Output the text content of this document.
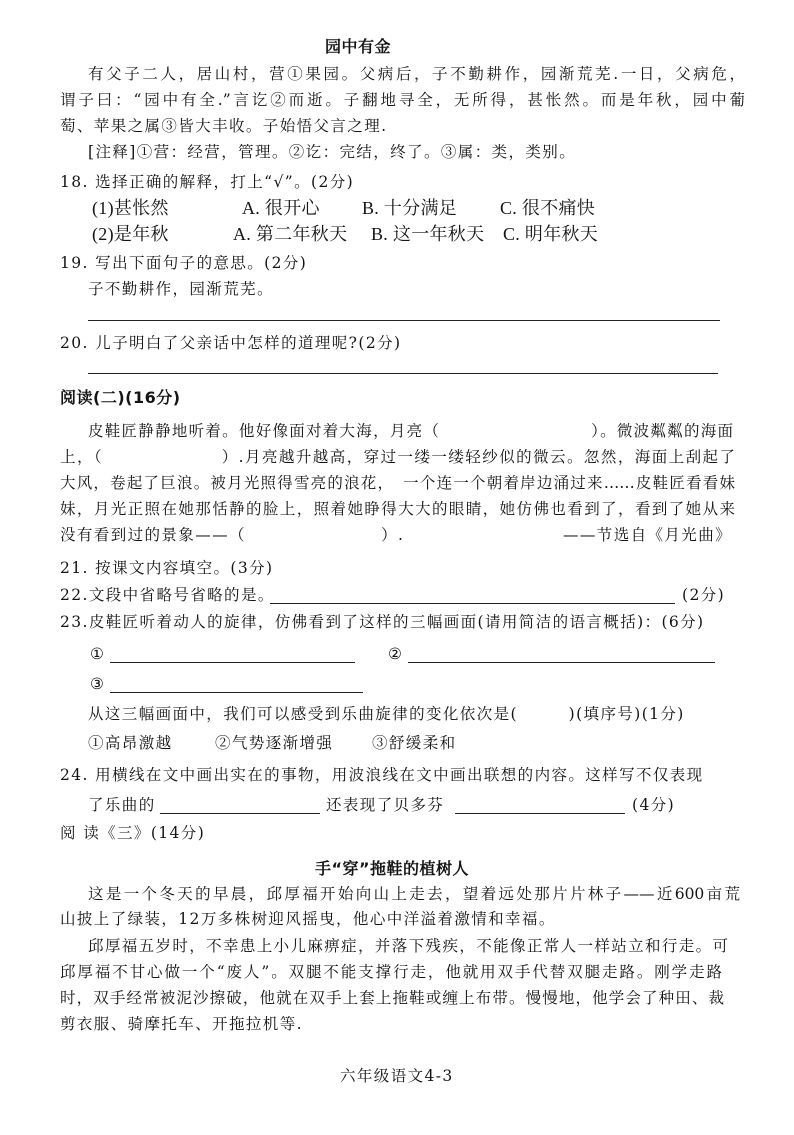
园中有金
有父子二人，居山村，营①果园。父病后，子不勤耕作，园渐荒芜.一日，父病危，
谓子曰：“园中有全.”言讫②而逝。子翻地寻全，无所得，甚怅然。而是年秋，园中葡
萄、苹果之属③皆大丰收。子始悟父言之理.
[注释]①营：经营，管理。②讫：完结，终了。③属：类，类别。
18. 选择正确的解释，打上“√”。(2分)
(1)甚怅然	A. 很开心 B. 十分满足 C. 很不痛快
(2)是年秋	A. 第二年秋天 B. 这一年秋天 C. 明年秋天
19. 写出下面句子的意思。(2分)
子不勤耕作，园渐荒芜。
20. 儿子明白了父亲话中怎样的道理呢?(2分)
阅读(二)(16分)
皮鞋匠静静地听着。他好像面对着大海，月亮（　　　　　　　　　）。微波粼粼的海面
上，（　　　　　　　）.月亮越升越高，穿过一缕一缕轻纱似的微云。忽然，海面上刮起了
大风，卷起了巨浪。被月光照得雪亮的浪花，　一个连一个朝着岸边涌过来……皮鞋匠看看妹
妹，月光正照在她那恬静的脸上，照着她睁得大大的眼睛，她仿佛也看到了，看到了她从来
没有看到过的景象——（　　　　　　　　）.	——节选自《月光曲》
21. 按课文内容填空。(3分)
22.文段中省略号省略的是。	(2分)
23.皮鞋匠听着动人的旋律，仿佛看到了这样的三幅画面(请用简洁的语言概括)：(6分)
①	②
③
从这三幅画面中，我们可以感受到乐曲旋律的变化依次是(　　　)(填序号)(1分)
①高昂激越	②气势逐渐增强 ③舒缓柔和
24. 用横线在文中画出实在的事物，用波浪线在文中画出联想的内容。这样写不仅表现
了乐曲的	还表现了贝多芬	(4分)
阅 读《三》(14分)
手“穿”拖鞋的植树人
这是一个冬天的早晨，邱厚福开始向山上走去，望着远处那片片林子——近600亩荒
山披上了绿装，12万多株树迎风摇曳，他心中洋溢着激情和幸福。
邱厚福五岁时，不幸患上小儿麻痹症，并落下残疾，不能像正常人一样站立和行走。可
邱厚福不甘心做一个“废人”。双腿不能支撑行走，他就用双手代替双腿走路。刚学走路
时，双手经常被泥沙擦破，他就在双手上套上拖鞋或缠上布带。慢慢地，他学会了种田、裁
剪衣服、骑摩托车、开拖拉机等.
六年级语文4-3
